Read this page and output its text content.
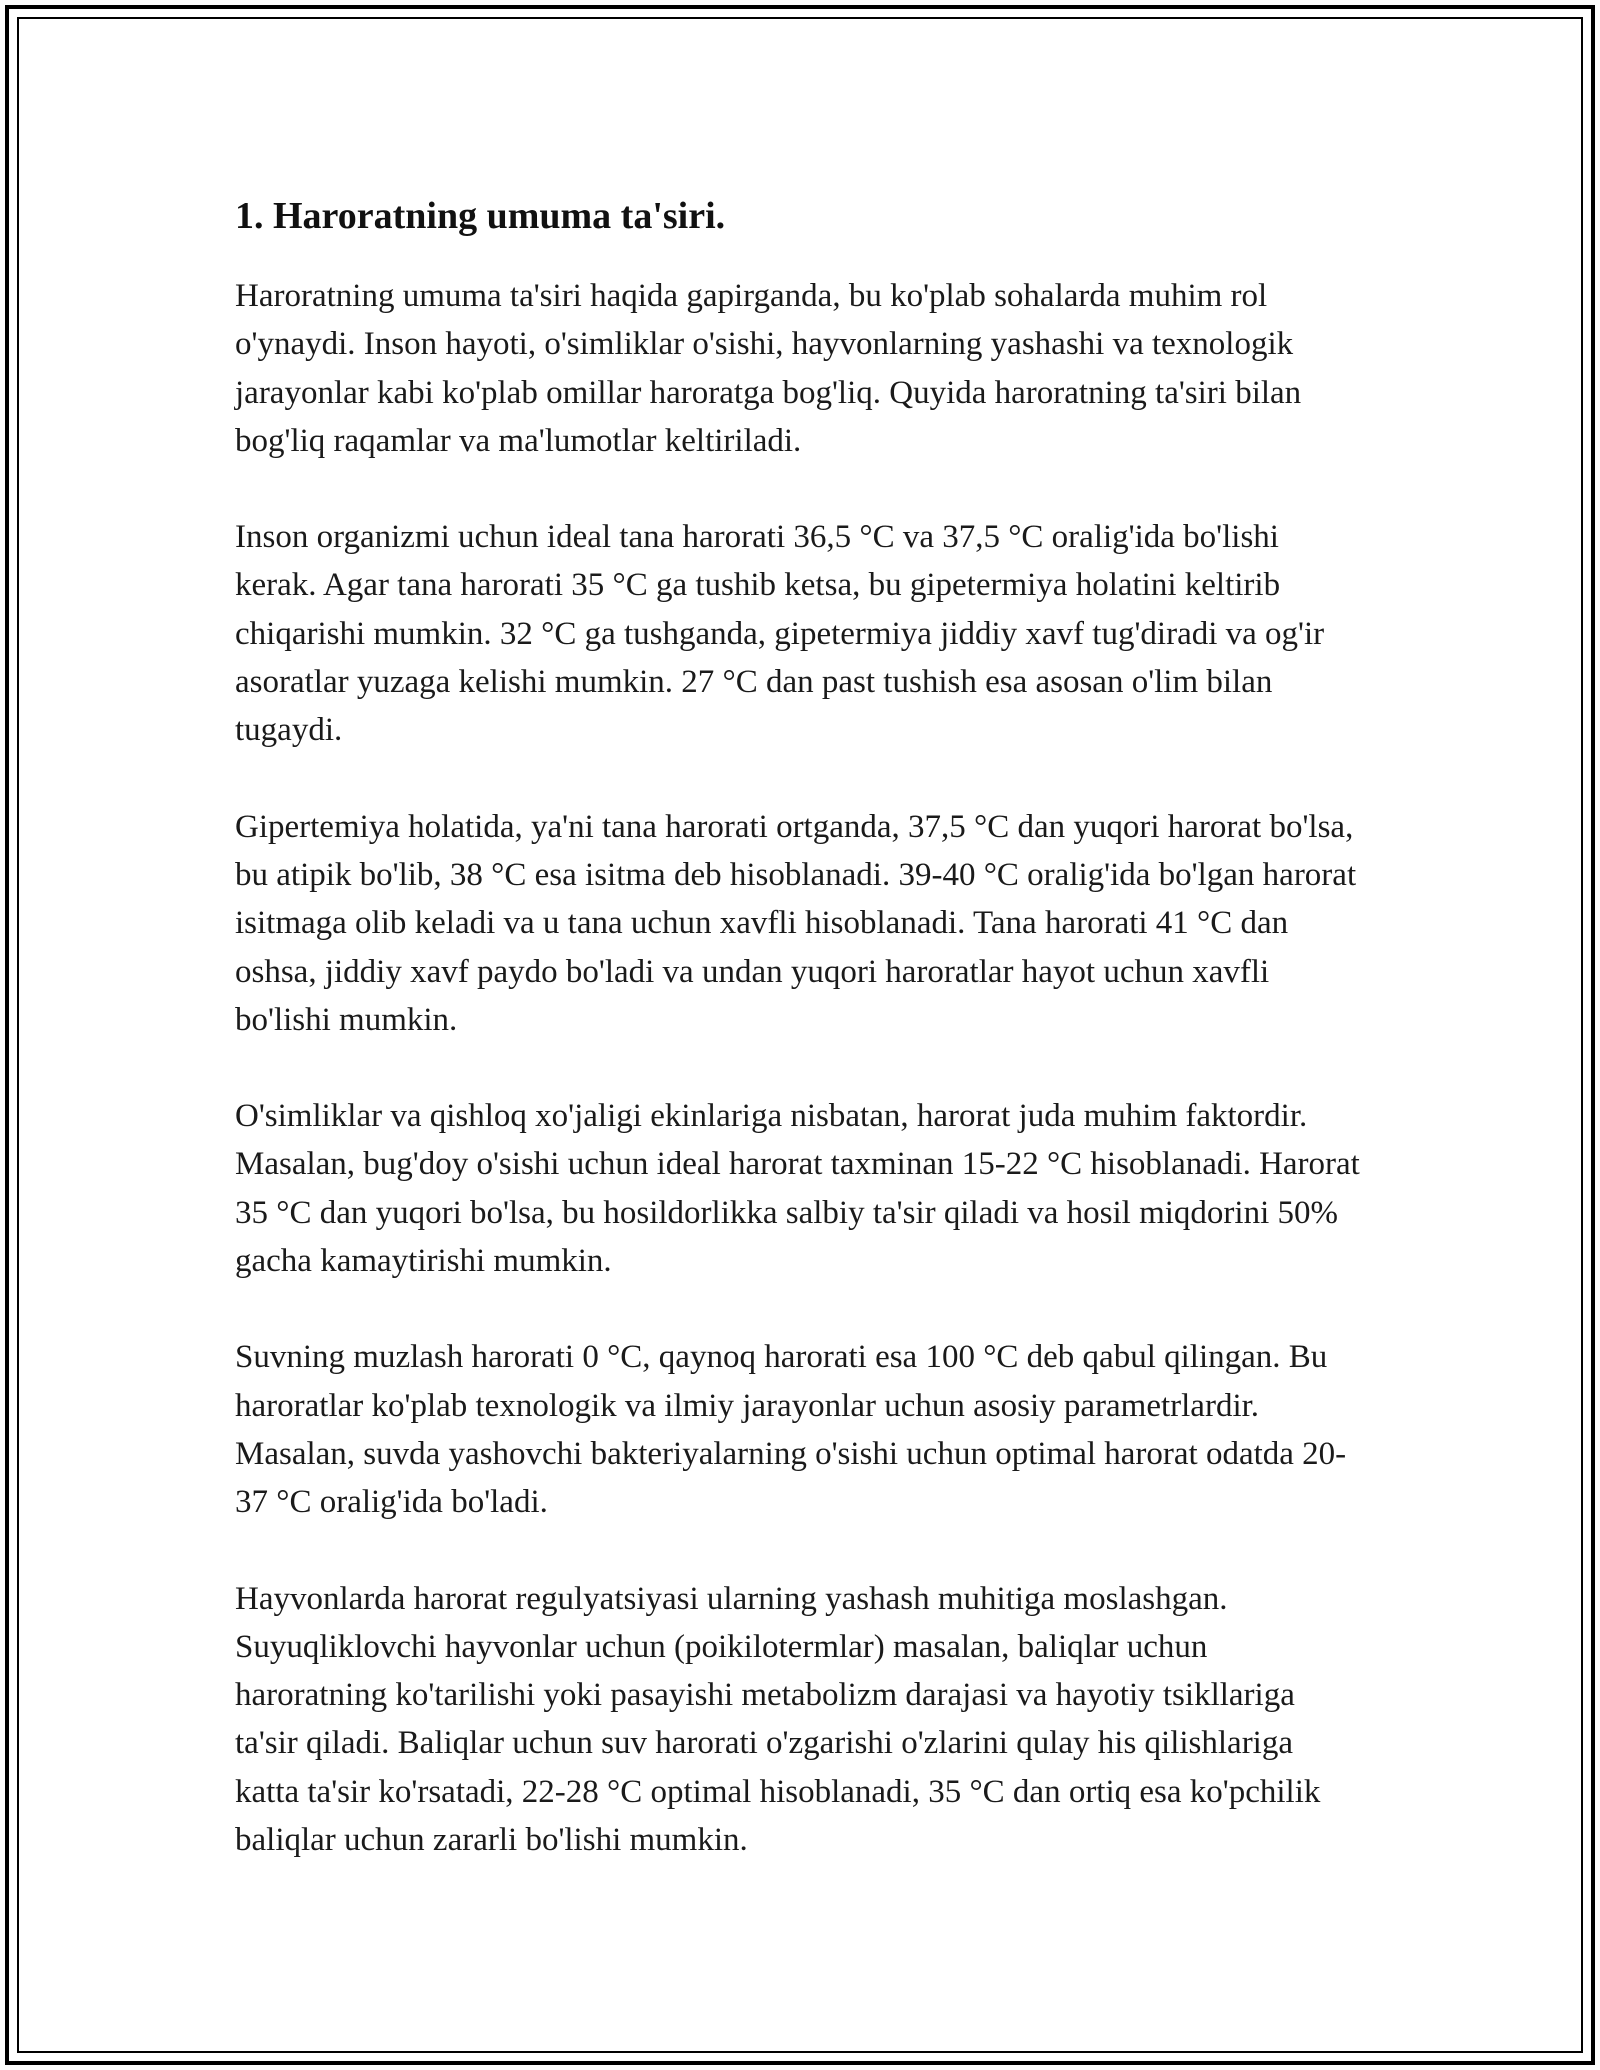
1. Haroratning umuma ta'siri.

Haroratning umuma ta'siri haqida gapirganda, bu ko'plab sohalarda muhim rol o'ynaydi. Inson hayoti, o'simliklar o'sishi, hayvonlarning yashashi va texnologik jarayonlar kabi ko'plab omillar haroratga bog'liq. Quyida haroratning ta'siri bilan bog'liq raqamlar va ma'lumotlar keltiriladi.

Inson organizmi uchun ideal tana harorati 36,5 °C va 37,5 °C oralig'ida bo'lishi kerak. Agar tana harorati 35 °C ga tushib ketsa, bu gipetermiya holatini keltirib chiqarishi mumkin. 32 °C ga tushganda, gipetermiya jiddiy xavf tug'diradi va og'ir asoratlar yuzaga kelishi mumkin. 27 °C dan past tushish esa asosan o'lim bilan tugaydi.

Gipertemiya holatida, ya'ni tana harorati ortganda, 37,5 °C dan yuqori harorat bo'lsa, bu atipik bo'lib, 38 °C esa isitma deb hisoblanadi. 39-40 °C oralig'ida bo'lgan harorat isitmaga olib keladi va u tana uchun xavfli hisoblanadi. Tana harorati 41 °C dan oshsa, jiddiy xavf paydo bo'ladi va undan yuqori haroratlar hayot uchun xavfli bo'lishi mumkin.

O'simliklar va qishloq xo'jaligi ekinlariga nisbatan, harorat juda muhim faktordir. Masalan, bug'doy o'sishi uchun ideal harorat taxminan 15-22 °C hisoblanadi. Harorat 35 °C dan yuqori bo'lsa, bu hosildorlikka salbiy ta'sir qiladi va hosil miqdorini 50% gacha kamaytirishi mumkin.

Suvning muzlash harorati 0 °C, qaynoq harorati esa 100 °C deb qabul qilingan. Bu haroratlar ko'plab texnologik va ilmiy jarayonlar uchun asosiy parametrlardir. Masalan, suvda yashovchi bakteriyalarning o'sishi uchun optimal harorat odatda 20-37 °C oralig'ida bo'ladi.

Hayvonlarda harorat regulyatsiyasi ularning yashash muhitiga moslashgan. Suyuqliklovchi hayvonlar uchun (poikilotermlar) masalan, baliqlar uchun haroratning ko'tarilishi yoki pasayishi metabolizm darajasi va hayotiy tsikllariga ta'sir qiladi. Baliqlar uchun suv harorati o'zgarishi o'zlarini qulay his qilishlariga katta ta'sir ko'rsatadi, 22-28 °C optimal hisoblanadi, 35 °C dan ortiq esa ko'pchilik baliqlar uchun zararli bo'lishi mumkin.
